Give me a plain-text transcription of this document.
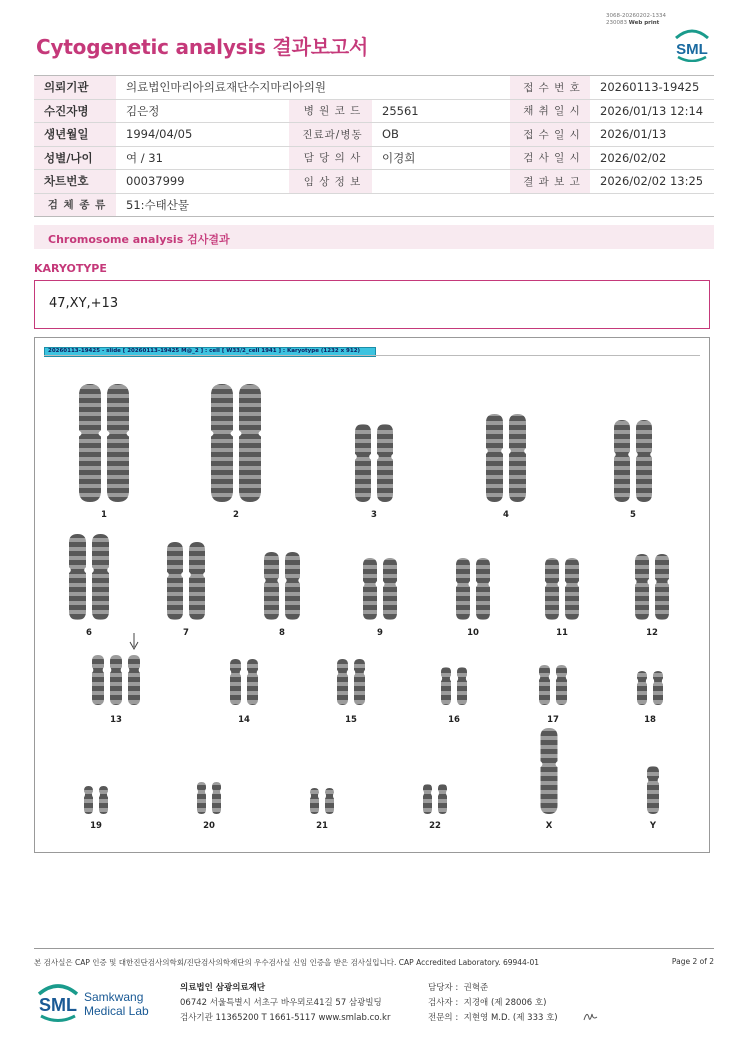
3068-20260202-1334
230083 Web print
Cytogenetic analysis 결과보고서	SML
의뢰기관	의료법인마리아의료재단수지마리아의원			접 수 번 호	20260113-19425
수진자명	김은정	병 원 코 드	25561	채 취 일 시	2026/01/13 12:14
생년월일	1994/04/05	진료과/병동	OB	접 수 일 시	2026/01/13
성별/나이	여 / 31	담 당 의 사	이경희	검 사 일 시	2026/02/02
차트번호	00037999	임 상 정 보		결 과 보 고	2026/02/02 13:25
검 체 종 류	51:수태산물				
Chromosome analysis 검사결과
KARYOTYPE
47,XY,+13
20260113-19425 - slide [ 20260113-19425 M@_2 ] : cell [ W33/2_cell 1941 ] : Karyotype (1232 x 912)
1	2	3	4	5
6	7	8	9	10	11	12
13	14	15	16	17	18
19	20	21	22	X	Y
본 검사실은 CAP 인증 및 대한진단검사의학회/진단검사의학재단의 우수검사실 신임 인증을 받은 검사실입니다. CAP Accredited Laboratory. 69944-01	Page 2 of 2
SML Samkwang
Medical Lab
의료법인 삼광의료재단
06742 서울특별시 서초구 바우뫼로41길 57 삼광빌딩
검사기관 11365200 T 1661-5117 www.smlab.co.kr
담당자 : 권혁준
검사자 : 지경애 (제 28006 호)
전문의 : 지현영 M.D. (제 333 호)
